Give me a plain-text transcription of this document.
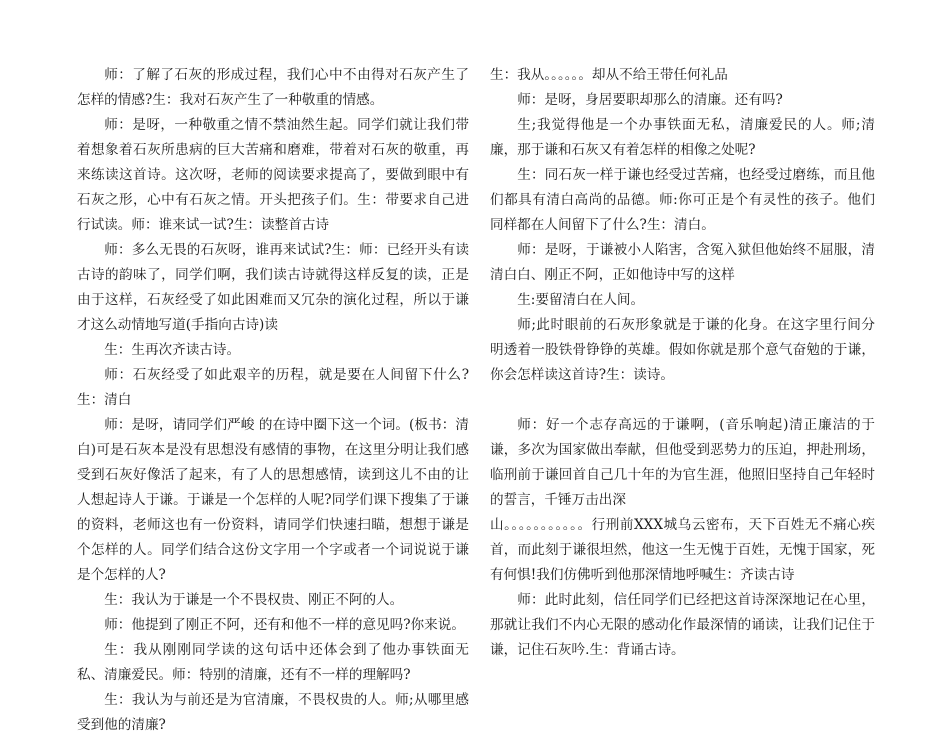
师：了解了石灰的形成过程，我们心中不由得对石灰产生了怎样的情感?生：我对石灰产生了一种敬重的情感。

师：是呀，一种敬重之情不禁油然生起。同学们就让我们带着想象着石灰所患病的巨大苦痛和磨难，带着对石灰的敬重，再来练读这首诗。这次呀，老师的阅读要求提高了，要做到眼中有石灰之形，心中有石灰之情。开头把孩子们。生：带要求自己进行试读。师：谁来试一试?生：读整首古诗

师：多么无畏的石灰呀，谁再来试试?生：师：已经开头有读古诗的韵味了，同学们啊，我们读古诗就得这样反复的读，正是由于这样，石灰经受了如此困难而又冗杂的演化过程，所以于谦才这么动情地写道(手指向古诗)读

生：生再次齐读古诗。

师：石灰经受了如此艰辛的历程，就是要在人间留下什么?生：清白

师：是呀，请同学们严峻 的在诗中圈下这一个词。(板书：清白)可是石灰本是没有思想没有感情的事物，在这里分明让我们感受到石灰好像活了起来，有了人的思想感情，读到这儿不由的让人想起诗人于谦。于谦是一个怎样的人呢?同学们课下搜集了于谦的资料，老师这也有一份资料，请同学们快速扫瞄，想想于谦是个怎样的人。同学们结合这份文字用一个字或者一个词说说于谦是个怎样的人?

生：我认为于谦是一个不畏权贵、刚正不阿的人。

师：他提到了刚正不阿，还有和他不一样的意见吗?你来说。

生：我从刚刚同学读的这句话中还体会到了他办事铁面无私、清廉爱民。师：特别的清廉，还有不一样的理解吗?

生：我认为与前还是为官清廉，不畏权贵的人。师;从哪里感受到他的清廉?

生：我从。。。。。。却从不给王带任何礼品

师：是呀，身居要职却那么的清廉。还有吗?

生;我觉得他是一个办事铁面无私，清廉爱民的人。师;清廉，那于谦和石灰又有着怎样的相像之处呢?

生：同石灰一样于谦也经受过苦痛，也经受过磨练，而且他们都具有清白高尚的品德。师:你可正是个有灵性的孩子。他们同样都在人间留下了什么?生：清白。

师：是呀，于谦被小人陷害，含冤入狱但他始终不屈服，清清白白、刚正不阿，正如他诗中写的这样

生:要留清白在人间。

师;此时眼前的石灰形象就是于谦的化身。在这字里行间分明透着一股铁骨铮铮的英雄。假如你就是那个意气奋勉的于谦，你会怎样读这首诗?生：读诗。

师：好一个志存高远的于谦啊，(音乐响起)清正廉洁的于谦，多次为国家做出奉献，但他受到恶势力的压迫，押赴刑场，临刑前于谦回首自己几十年的为官生涯，他照旧坚持自己年轻时的誓言，千锤万击出深

山。。。。。。。。。。。行刑前XXX城乌云密布，天下百姓无不痛心疾首，而此刻于谦很坦然，他这一生无愧于百姓，无愧于国家，死有何惧!我们仿佛听到他那深情地呼喊生：齐读古诗

师：此时此刻，信任同学们已经把这首诗深深地记在心里，那就让我们不内心无限的感动化作最深情的诵读，让我们记住于谦，记住石灰吟.生：背诵古诗。
